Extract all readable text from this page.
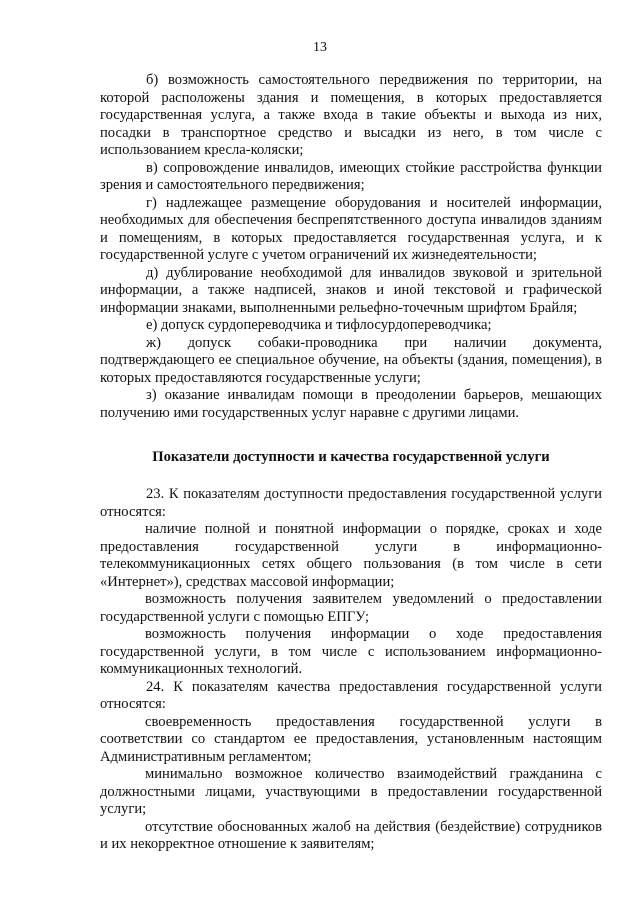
13

б) возможность самостоятельного передвижения по территории, на которой расположены здания и помещения, в которых предоставляется государственная услуга, а также входа в такие объекты и выхода из них, посадки в транспортное средство и высадки из него, в том числе с использованием кресла-коляски;

в) сопровождение инвалидов, имеющих стойкие расстройства функции зрения и самостоятельного передвижения;

г) надлежащее размещение оборудования и носителей информации, необходимых для обеспечения беспрепятственного доступа инвалидов зданиям и помещениям, в которых предоставляется государственная услуга, и к государственной услуге с учетом ограничений их жизнедеятельности;

д) дублирование необходимой для инвалидов звуковой и зрительной информации, а также надписей, знаков и иной текстовой и графической информации знаками, выполненными рельефно-точечным шрифтом Брайля;

е) допуск сурдопереводчика и тифлосурдопереводчика;

ж) допуск собаки-проводника при наличии документа, подтверждающего ее специальное обучение, на объекты (здания, помещения), в которых предоставляются государственные услуги;

з) оказание инвалидам помощи в преодолении барьеров, мешающих получению ими государственных услуг наравне с другими лицами.

Показатели доступности и качества государственной услуги

23. К показателям доступности предоставления государственной услуги относятся:

наличие полной и понятной информации о порядке, сроках и ходе предоставления государственной услуги в информационно-телекоммуникационных сетях общего пользования (в том числе в сети «Интернет»), средствах массовой информации;

возможность получения заявителем уведомлений о предоставлении государственной услуги с помощью ЕПГУ;

возможность получения информации о ходе предоставления государственной услуги, в том числе с использованием информационно-коммуникационных технологий.

24. К показателям качества предоставления государственной услуги относятся:

своевременность предоставления государственной услуги в соответствии со стандартом ее предоставления, установленным настоящим Административным регламентом;

минимально возможное количество взаимодействий гражданина с должностными лицами, участвующими в предоставлении государственной услуги;

отсутствие обоснованных жалоб на действия (бездействие) сотрудников и их некорректное отношение к заявителям;
